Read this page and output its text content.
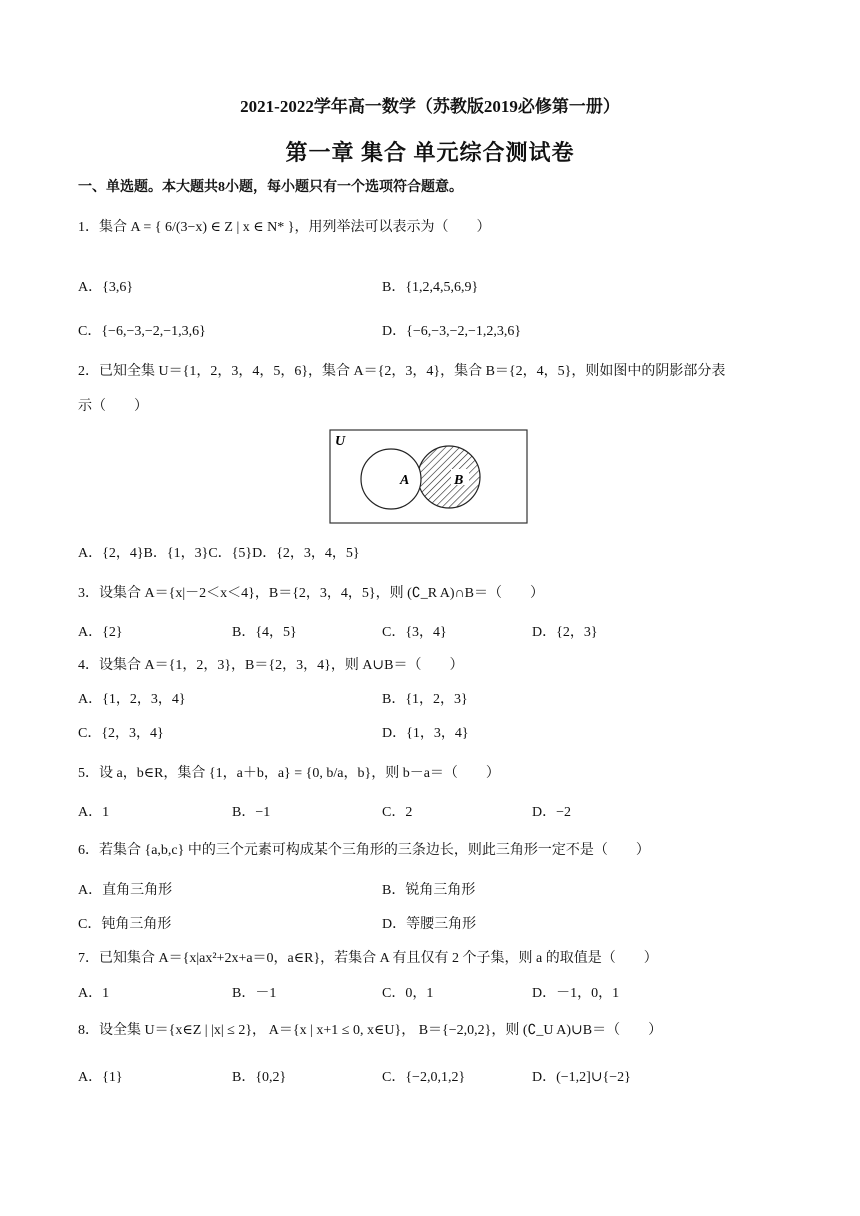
2021-2022学年高一数学（苏教版2019必修第一册）
第一章 集合 单元综合测试卷
一、单选题。本大题共8小题，每小题只有一个选项符合题意。
1．集合 A = { 6/(3−x) ∈ Z | x ∈ N* }，用列举法可以表示为（　　）
A．{3,6}	B．{1,2,4,5,6,9}
C．{−6,−3,−2,−1,3,6}	D．{−6,−3,−2,−1,2,3,6}
2．已知全集 U＝{1，2，3，4，5，6}，集合 A＝{2，3，4}，集合 B＝{2，4，5}，则如图中的阴影部分表
示（　　）
U
A	B
A．{2，4}B．{1，3}C．{5}D．{2，3，4，5}
3．设集合 A＝{x|－2＜x＜4}，B＝{2，3，4，5}，则 (∁_R A)∩B＝（　　）
A．{2}	B．{4，5}	C．{3，4}	D．{2，3}
4．设集合 A＝{1，2，3}，B＝{2，3，4}，则 A∪B＝（　　）
A．{1，2，3，4}	B．{1，2，3}
C．{2，3，4}	D．{1，3，4}
5．设 a，b∈R，集合 {1，a＋b，a} = {0, b/a，b}，则 b－a＝（　　）
A．1	B．−1	C．2	D．−2
6．若集合 {a,b,c} 中的三个元素可构成某个三角形的三条边长，则此三角形一定不是（　　）
A．直角三角形	B．锐角三角形
C．钝角三角形	D．等腰三角形
7．已知集合 A＝{x|ax²+2x+a＝0，a∈R}，若集合 A 有且仅有 2 个子集，则 a 的取值是（　　）
A．1	B．－1	C．0，1	D．－1，0，1
8．设全集 U＝{x∈Z | |x| ≤ 2}， A＝{x | x+1 ≤ 0, x∈U}， B＝{−2,0,2}，则 (∁_U A)∪B＝（　　）
A．{1}	B．{0,2}	C．{−2,0,1,2}	D．(−1,2]∪{−2}
